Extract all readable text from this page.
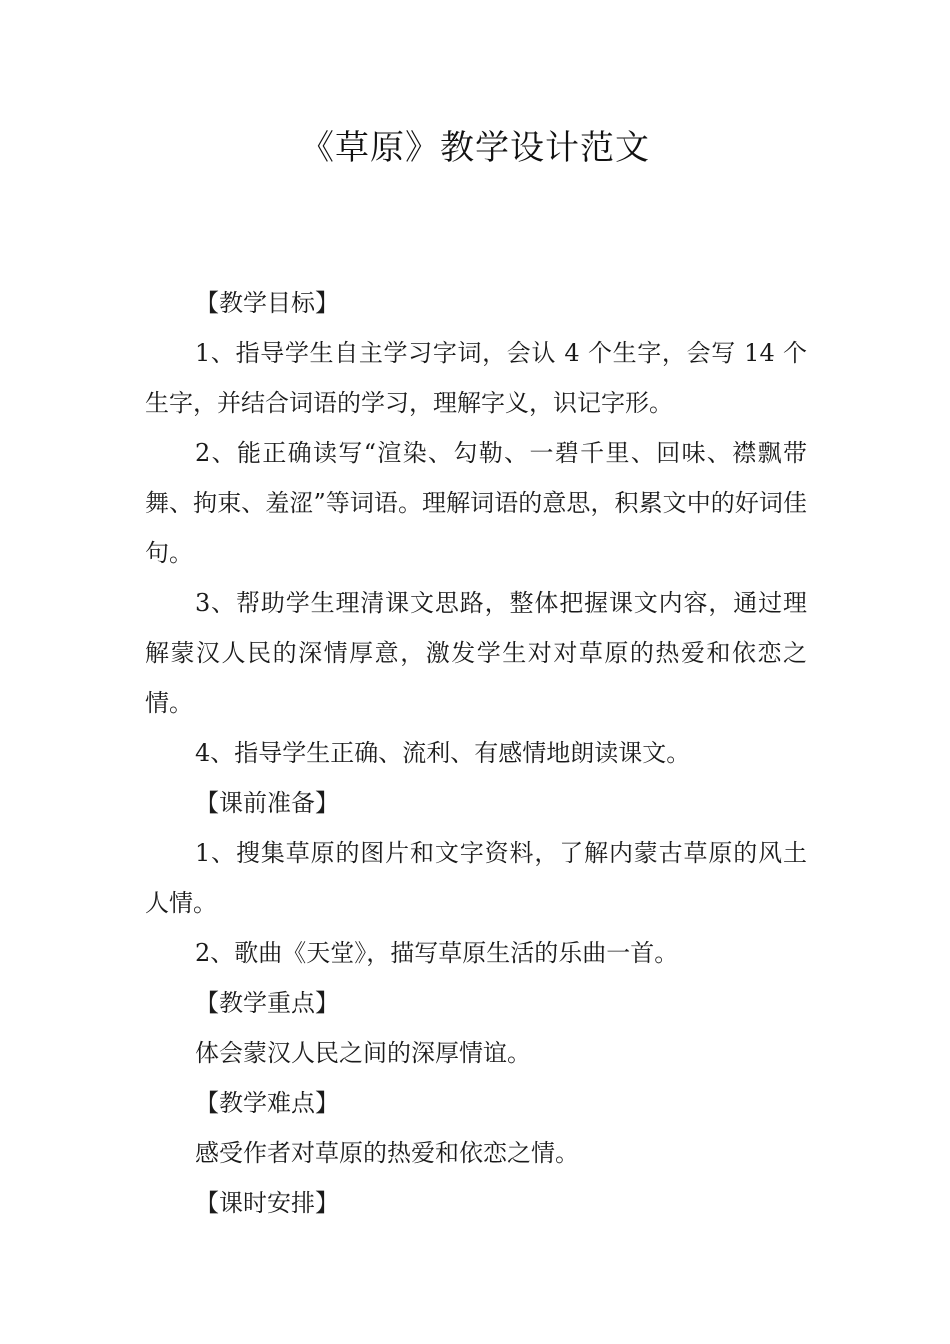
《草原》教学设计范文

【教学目标】

1、指导学生自主学习字词，会认 4 个生字，会写 14 个生字，并结合词语的学习，理解字义，识记字形。

2、能正确读写“渲染、勾勒、一碧千里、回味、襟飘带舞、拘束、羞涩”等词语。理解词语的意思，积累文中的好词佳句。

3、帮助学生理清课文思路，整体把握课文内容，通过理解蒙汉人民的深情厚意，激发学生对对草原的热爱和依恋之情。

4、指导学生正确、流利、有感情地朗读课文。

【课前准备】

1、搜集草原的图片和文字资料，了解内蒙古草原的风土人情。

2、歌曲《天堂》，描写草原生活的乐曲一首。

【教学重点】

体会蒙汉人民之间的深厚情谊。

【教学难点】

感受作者对草原的热爱和依恋之情。

【课时安排】
